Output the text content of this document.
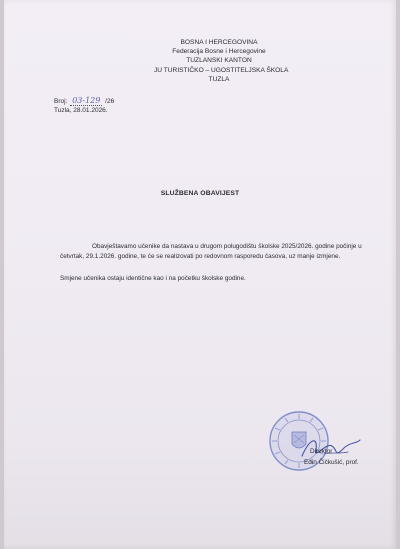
BOSNA I HERCEGOVINA
Federacija Bosne i Hercegovine
TUZLANSKI KANTON
JU TURISTIČKO – UGOSTITELJSKA ŠKOLA
TUZLA
Broj: 03-129 /26
Tuzla, 28.01.2026.
SLUŽBENA OBAVIJEST

Obavještavamo učenike da nastava u drugom polugodištu školske 2025/2026. godine počinje u četvrtak, 29.1.2026. godine, te će se realizovati po redovnom rasporedu časova, uz manje izmjene.

Smjene učenika ostaju identične kao i na početku školske godine.

Direktor
Edin Čičkušić, prof.
